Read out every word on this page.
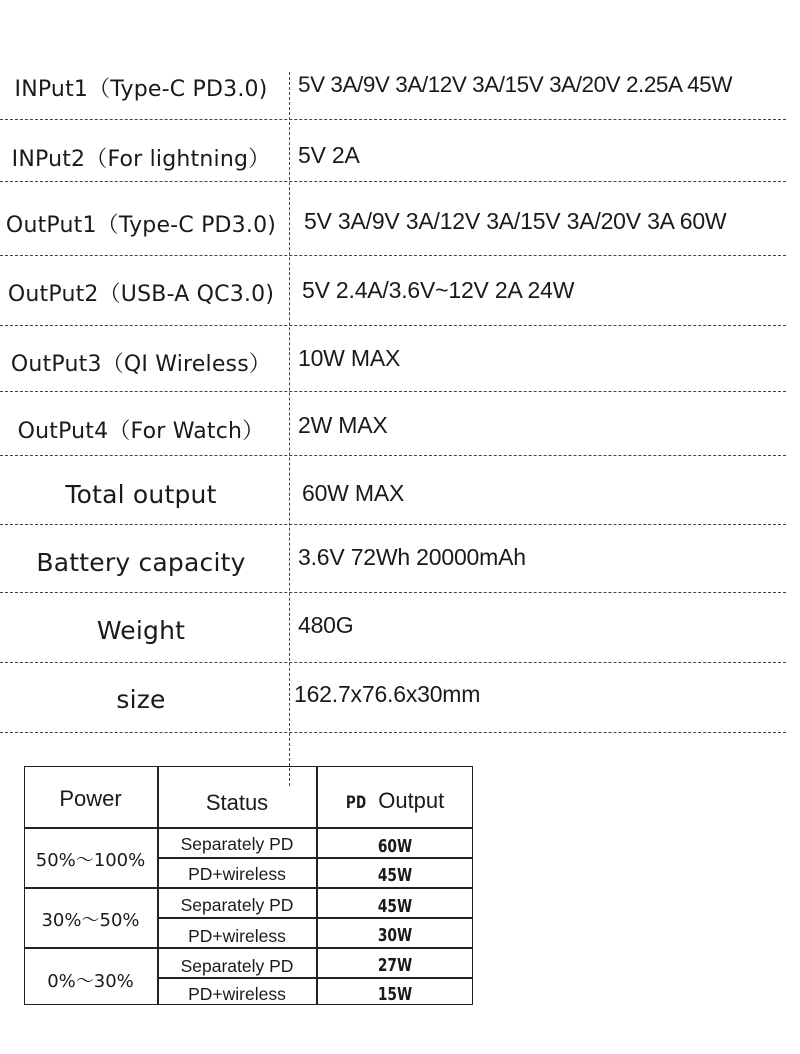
INPut1（Type-C PD3.0)	5V 3A/9V 3A/12V 3A/15V 3A/20V 2.25A 45W
INPut2（For lightning）	5V 2A
OutPut1（Type-C PD3.0) 5V 3A/9V 3A/12V 3A/15V 3A/20V 3A 60W
OutPut2（USB-A QC3.0)	5V 2.4A/3.6V~12V 2A 24W
OutPut3（QI Wireless）	10W MAX
OutPut4（For Watch）	2W MAX
Total output	60W MAX
Battery capacity	3.6V 72Wh 20000mAh
Weight	480G
size	162.7x76.6x30mm
Power	Status	PD Output
50%～100%
Separately PD	60W
PD+wireless	45W
30%～50%
Separately PD	45W
PD+wireless	30W
0%～30%
Separately PD	27W
PD+wireless	15W
